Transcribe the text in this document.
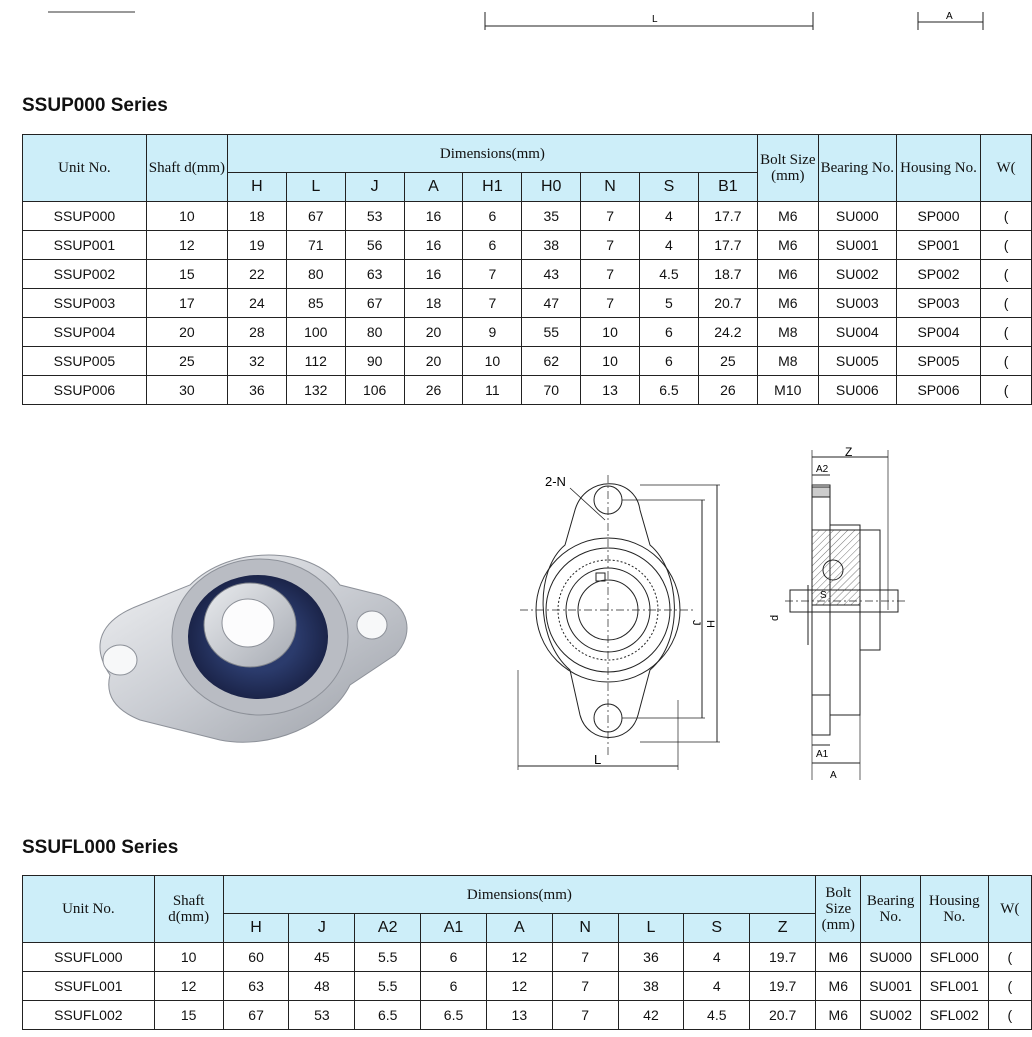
L	A
SSUP000 Series
Unit No.	Shaft d(mm)	Dimensions(mm)									Bolt Size (mm)	Bearing No.	Housing No.	W(
		H	L	J	A	H1	H0	N	S	B1				
SSUP000	10	18	67	53	16	6	35	7	4	17.7	M6	SU000	SP000	(
SSUP001	12	19	71	56	16	6	38	7	4	17.7	M6	SU001	SP001	(
SSUP002	15	22	80	63	16	7	43	7	4.5	18.7	M6	SU002	SP002	(
SSUP003	17	24	85	67	18	7	47	7	5	20.7	M6	SU003	SP003	(
SSUP004	20	28	100	80	20	9	55	10	6	24.2	M8	SU004	SP004	(
SSUP005	25	32	112	90	20	10	62	10	6	25	M8	SU005	SP005	(
SSUP006	30	36	132	106	26	11	70	13	6.5	26	M10	SU006	SP006	(
2-N
L
J H
Z
A2
S
d
A1
A
SSUFL000 Series
Unit No.	Shaft d(mm)	Dimensions(mm)									Bolt Size (mm)	Bearing No.	Housing No.	W(
		H	J	A2	A1	A	N	L	S	Z				
SSUFL000	10	60	45	5.5	6	12	7	36	4	19.7	M6	SU000	SFL000	(
SSUFL001	12	63	48	5.5	6	12	7	38	4	19.7	M6	SU001	SFL001	(
SSUFL002	15	67	53	6.5	6.5	13	7	42	4.5	20.7	M6	SU002	SFL002	(
